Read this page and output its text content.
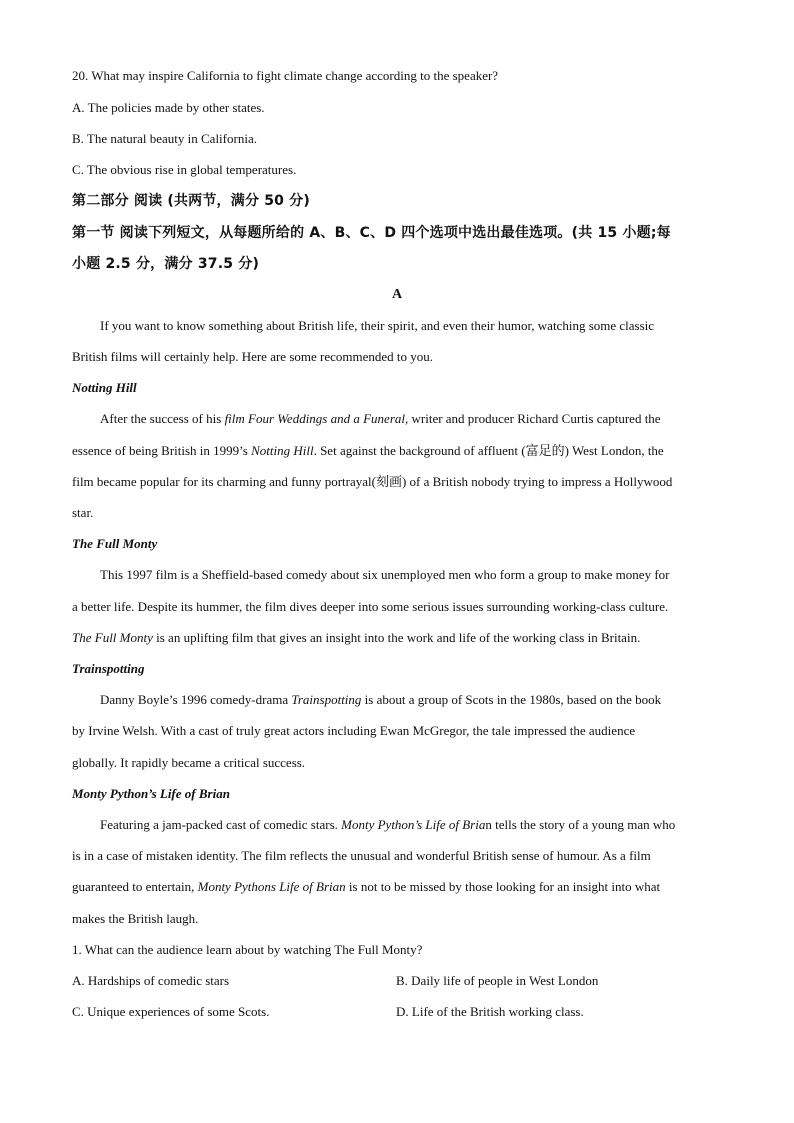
20. What may inspire California to fight climate change according to the speaker?
A. The policies made by other states.
B. The natural beauty in California.
C. The obvious rise in global temperatures.
第二部分 阅读 (共两节，满分 50 分)
第一节 阅读下列短文，从每题所给的 A、B、C、D 四个选项中选出最佳选项。(共 15 小题;每
小题 2.5 分，满分 37.5 分)
A
If you want to know something about British life, their spirit, and even their humor, watching some classic
British films will certainly help. Here are some recommended to you.
Notting Hill
After the success of his film Four Weddings and a Funeral, writer and producer Richard Curtis captured the
essence of being British in 1999’s Notting Hill. Set against the background of affluent (富足的) West London, the
film became popular for its charming and funny portrayal(刻画) of a British nobody trying to impress a Hollywood
star.
The Full Monty
This 1997 film is a Sheffield-based comedy about six unemployed men who form a group to make money for
a better life. Despite its hummer, the film dives deeper into some serious issues surrounding working-class culture.
The Full Monty is an uplifting film that gives an insight into the work and life of the working class in Britain.
Trainspotting
Danny Boyle’s 1996 comedy-drama Trainspotting is about a group of Scots in the 1980s, based on the book
by Irvine Welsh. With a cast of truly great actors including Ewan McGregor, the tale impressed the audience
globally. It rapidly became a critical success.
Monty Python’s Life of Brian
Featuring a jam-packed cast of comedic stars. Monty Python’s Life of Brian tells the story of a young man who
is in a case of mistaken identity. The film reflects the unusual and wonderful British sense of humour. As a film
guaranteed to entertain, Monty Pythons Life of Brian is not to be missed by those looking for an insight into what
makes the British laugh.
1. What can the audience learn about by watching The Full Monty?
A. Hardships of comedic stars	B. Daily life of people in West London
C. Unique experiences of some Scots.	D. Life of the British working class.
